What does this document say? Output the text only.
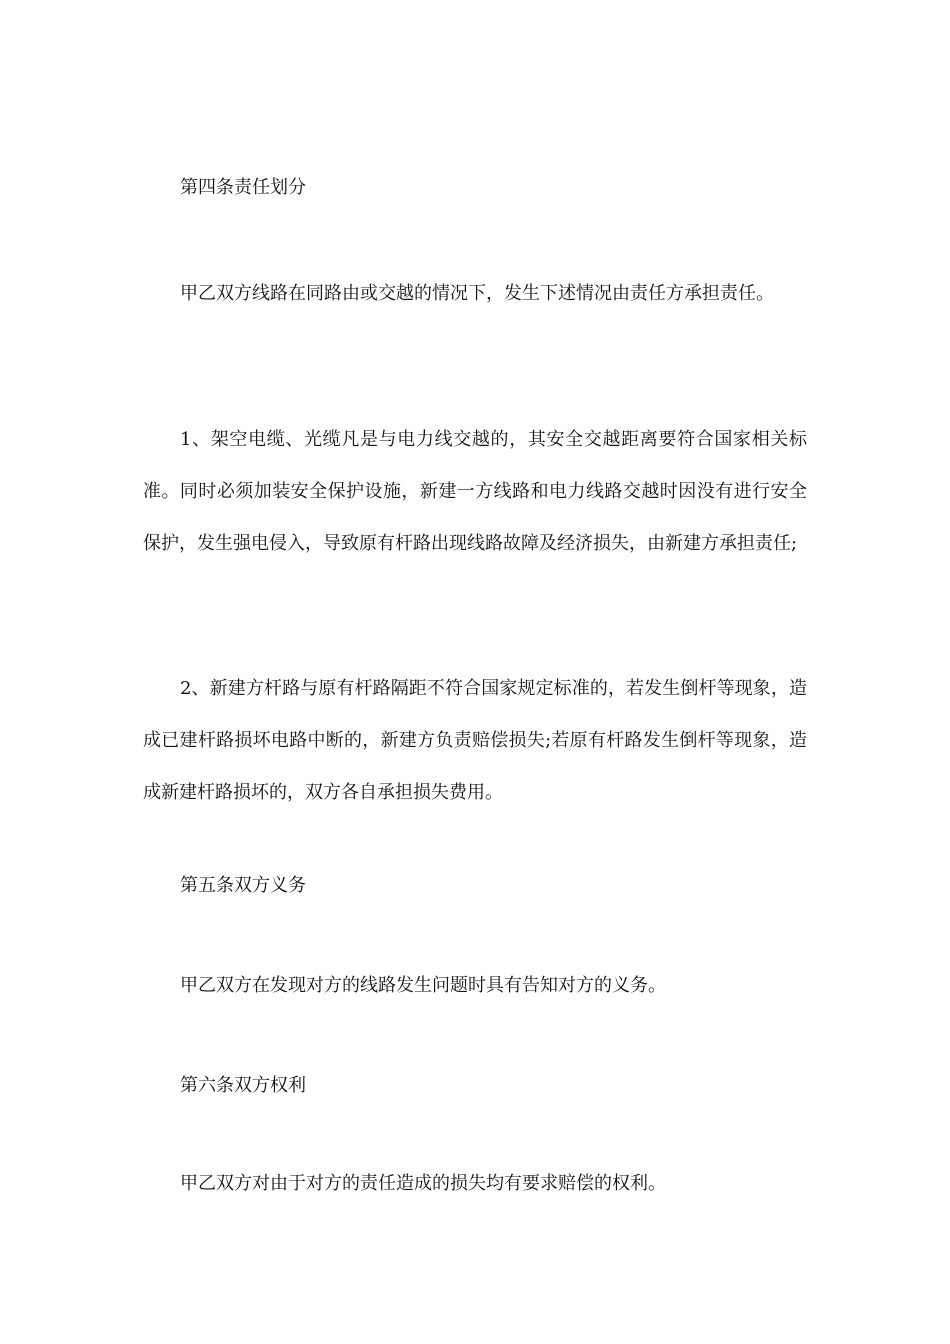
第四条责任划分

甲乙双方线路在同路由或交越的情况下，发生下述情况由责任方承担责任。

1、架空电缆、光缆凡是与电力线交越的，其安全交越距离要符合国家相关标准。同时必须加装安全保护设施，新建一方线路和电力线路交越时因没有进行安全保护，发生强电侵入，导致原有杆路出现线路故障及经济损失，由新建方承担责任;

2、新建方杆路与原有杆路隔距不符合国家规定标准的，若发生倒杆等现象，造成已建杆路损坏电路中断的，新建方负责赔偿损失;若原有杆路发生倒杆等现象，造成新建杆路损坏的，双方各自承担损失费用。

第五条双方义务

甲乙双方在发现对方的线路发生问题时具有告知对方的义务。

第六条双方权利

甲乙双方对由于对方的责任造成的损失均有要求赔偿的权利。
